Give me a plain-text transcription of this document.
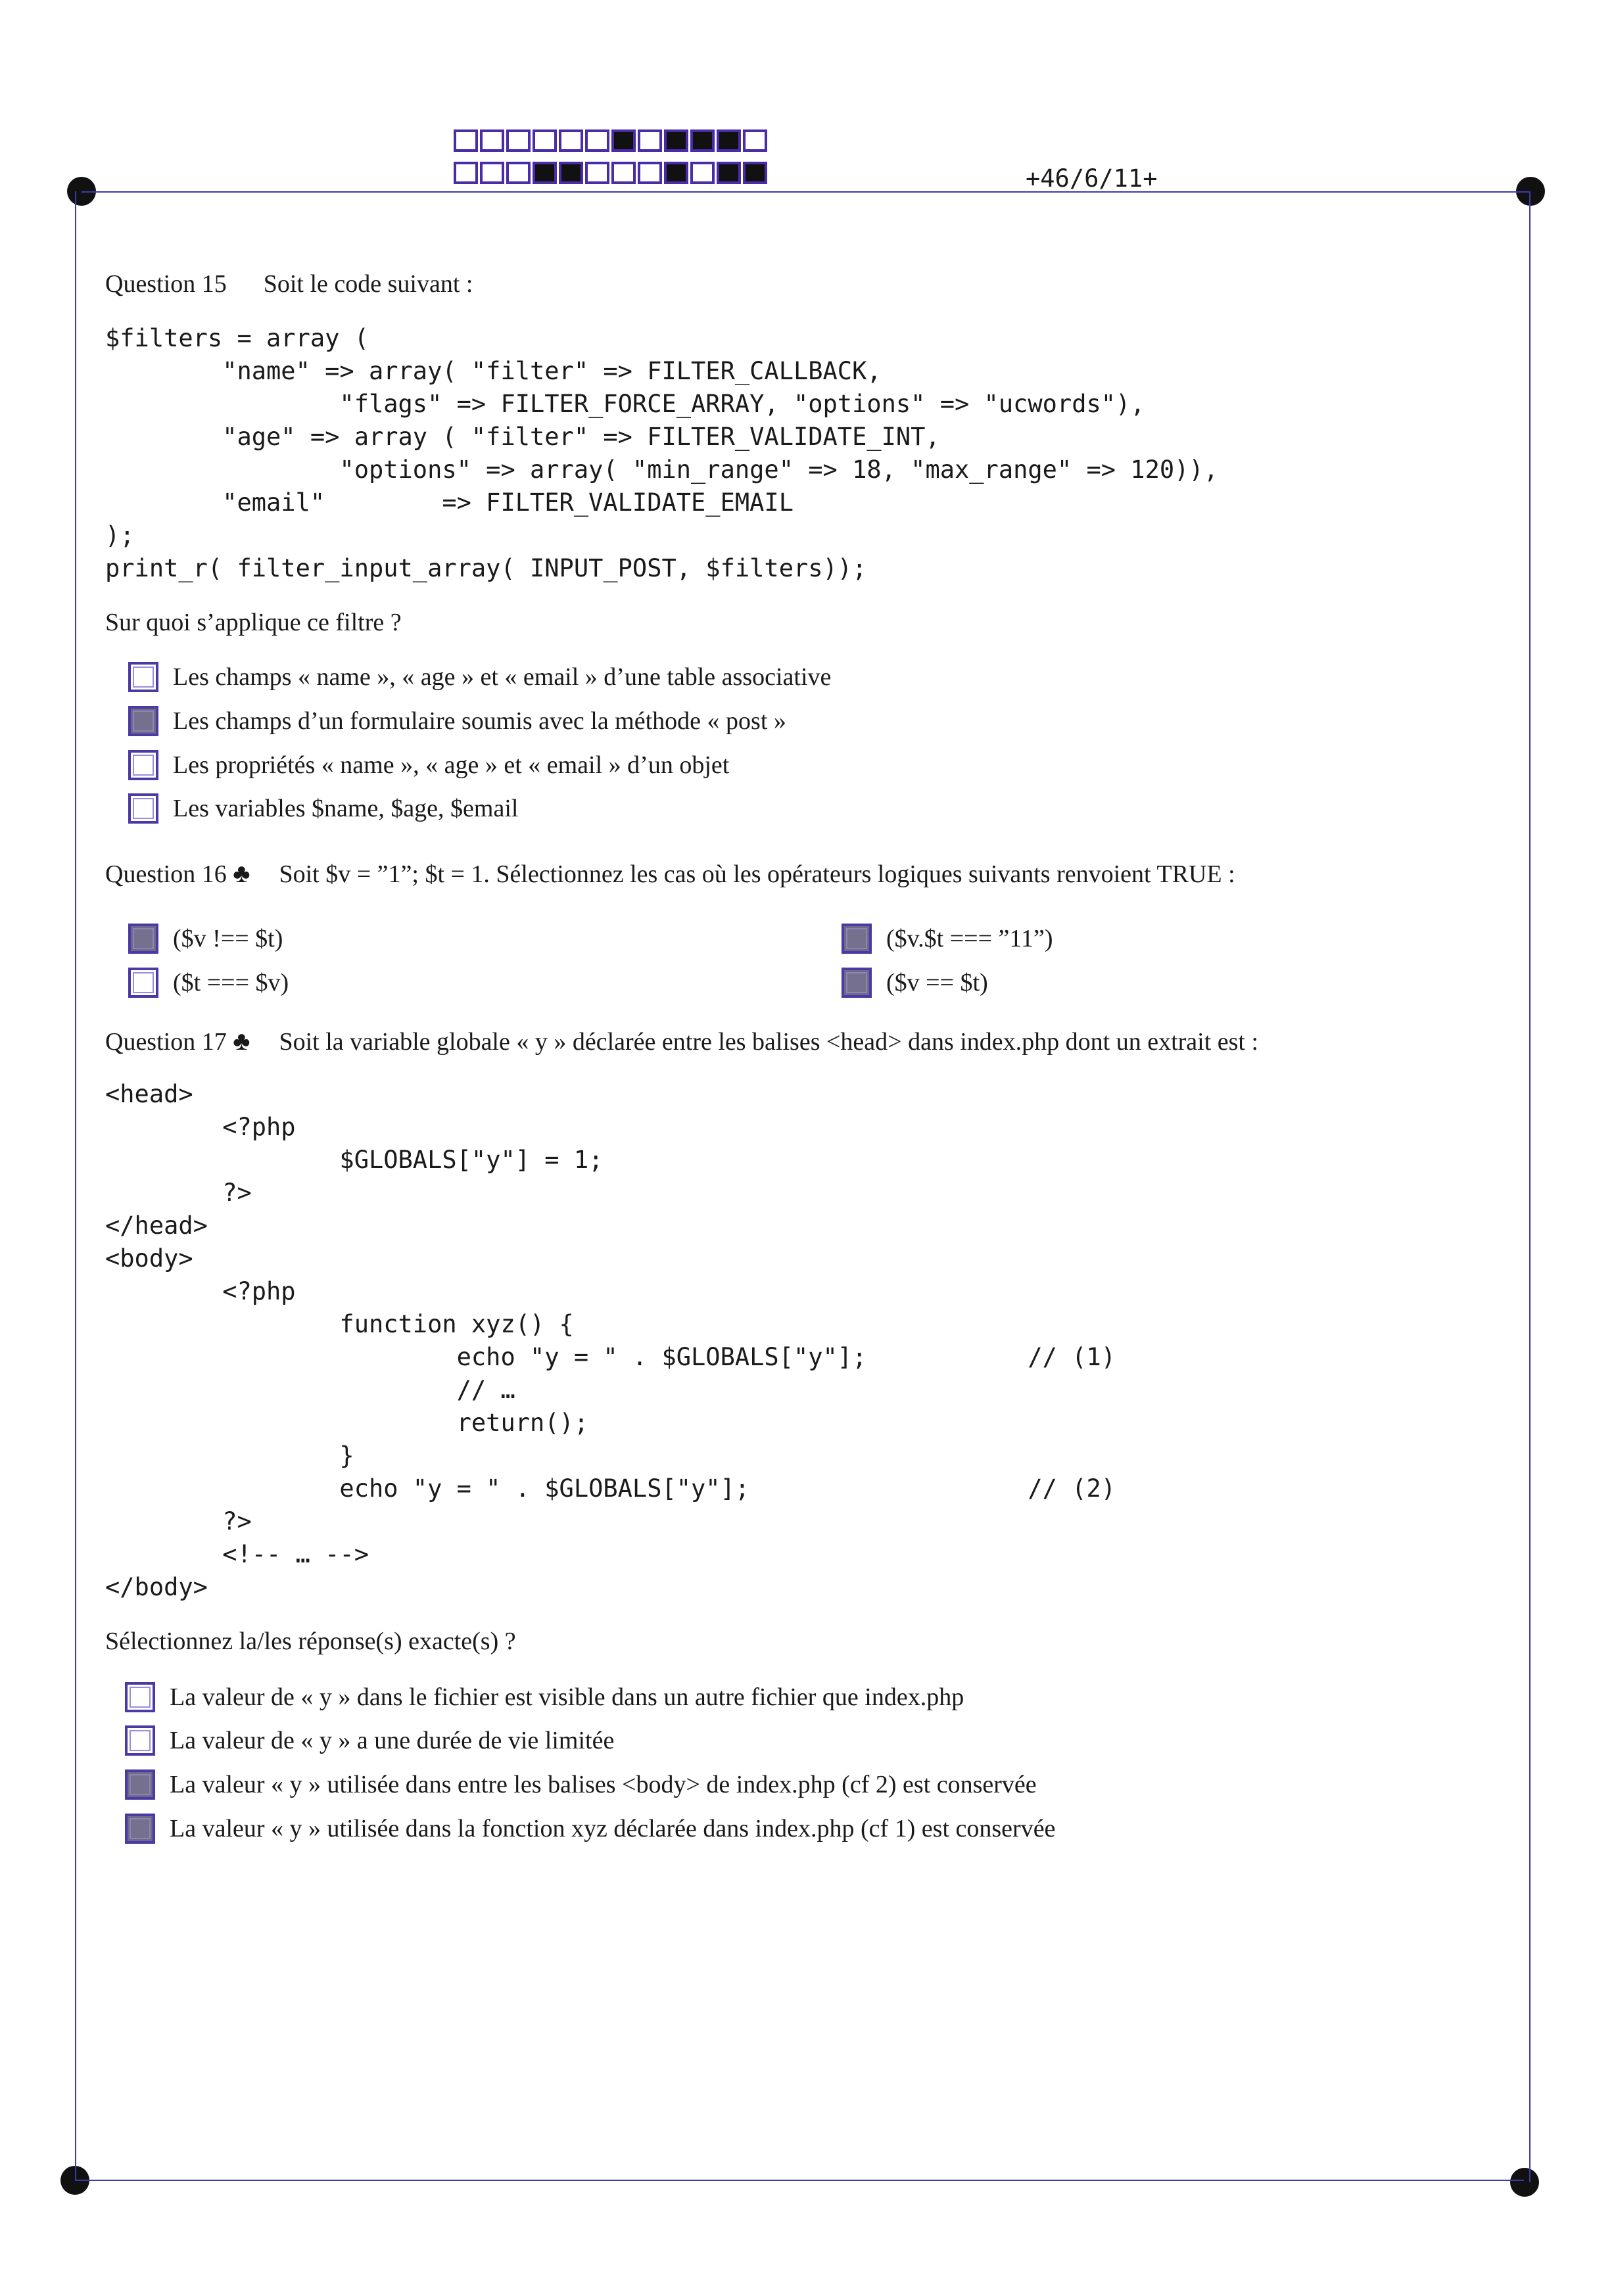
+46/6/11+
Question 15 Soit le code suivant :
$filters = array (
"name" => array( "filter" => FILTER_CALLBACK,
"flags" => FILTER_FORCE_ARRAY, "options" => "ucwords"),
"age" => array ( "filter" => FILTER_VALIDATE_INT,
"options" => array( "min_range" => 18, "max_range" => 120)),
"email"        => FILTER_VALIDATE_EMAIL
);
print_r( filter_input_array( INPUT_POST, $filters));
Sur quoi s’applique ce filtre ?
Les champs « name », « age » et « email » d’une table associative
Les champs d’un formulaire soumis avec la méthode « post »
Les propriétés « name », « age » et « email » d’un objet
Les variables $name, $age, $email
Question 16 ♣ Soit $v = ”1”; $t = 1. Sélectionnez les cas où les opérateurs logiques suivants renvoient TRUE :
($v !== $t)	($v.$t === ”11”)
($t === $v)	($v == $t)
Question 17 ♣ Soit la variable globale « y » déclarée entre les balises <head> dans index.php dont un extrait est :
<head>
<?php
$GLOBALS["y"] = 1;
?>
</head>
<body>
<?php
function xyz() {
echo "y = " . $GLOBALS["y"];           // (1)
// …
return();
}
echo "y = " . $GLOBALS["y"];                   // (2)
?>
<!-- … -->
</body>
Sélectionnez la/les réponse(s) exacte(s) ?
La valeur de « y » dans le fichier est visible dans un autre fichier que index.php
La valeur de « y » a une durée de vie limitée
La valeur « y » utilisée dans entre les balises <body> de index.php (cf 2) est conservée
La valeur « y » utilisée dans la fonction xyz déclarée dans index.php (cf 1) est conservée
